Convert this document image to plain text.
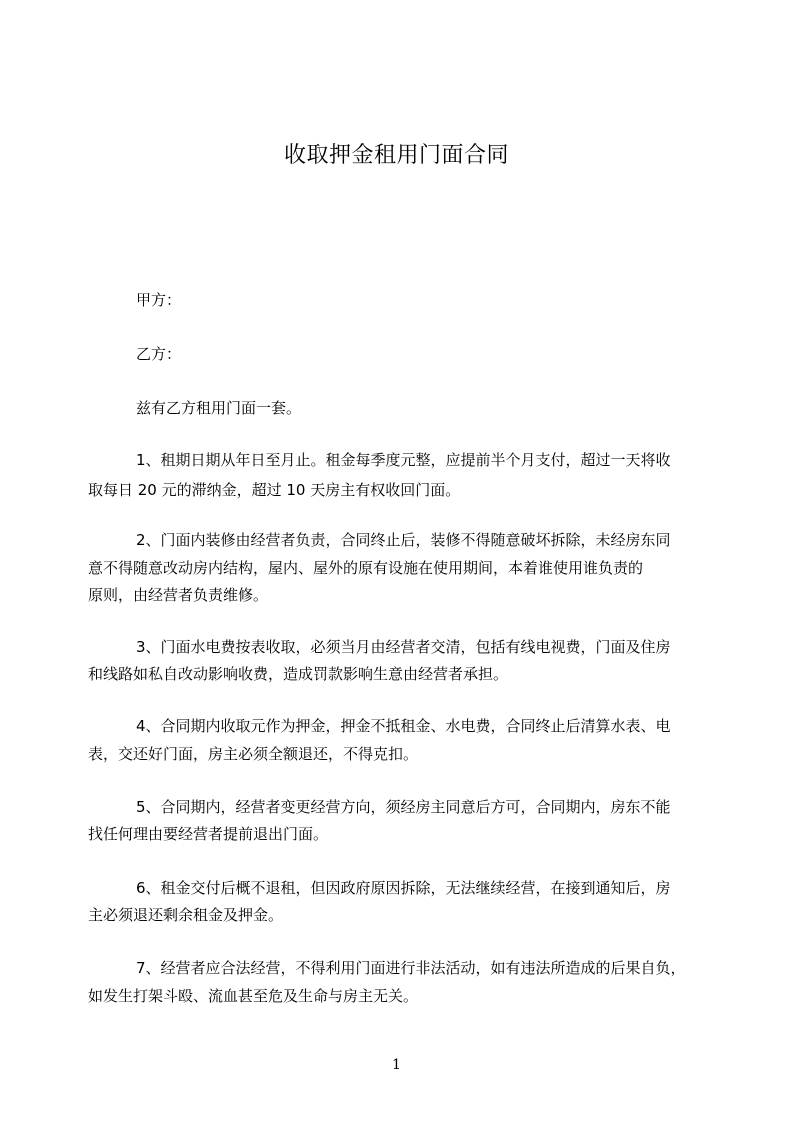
收取押金租用门面合同
甲方：
乙方：
兹有乙方租用门面一套。
1、租期日期从年日至月止。租金每季度元整，应提前半个月支付，超过一天将收
取每日 20 元的滞纳金，超过 10 天房主有权收回门面。
2、门面内装修由经营者负责，合同终止后，装修不得随意破坏拆除，未经房东同
意不得随意改动房内结构，屋内、屋外的原有设施在使用期间，本着谁使用谁负责的
原则，由经营者负责维修。
3、门面水电费按表收取，必须当月由经营者交清，包括有线电视费，门面及住房
和线路如私自改动影响收费，造成罚款影响生意由经营者承担。
4、合同期内收取元作为押金，押金不抵租金、水电费，合同终止后清算水表、电
表，交还好门面，房主必须全额退还，不得克扣。
5、合同期内，经营者变更经营方向，须经房主同意后方可，合同期内，房东不能
找任何理由要经营者提前退出门面。
6、租金交付后概不退租，但因政府原因拆除，无法继续经营，在接到通知后，房
主必须退还剩余租金及押金。
7、经营者应合法经营，不得利用门面进行非法活动，如有违法所造成的后果自负，
如发生打架斗殴、流血甚至危及生命与房主无关。
1
